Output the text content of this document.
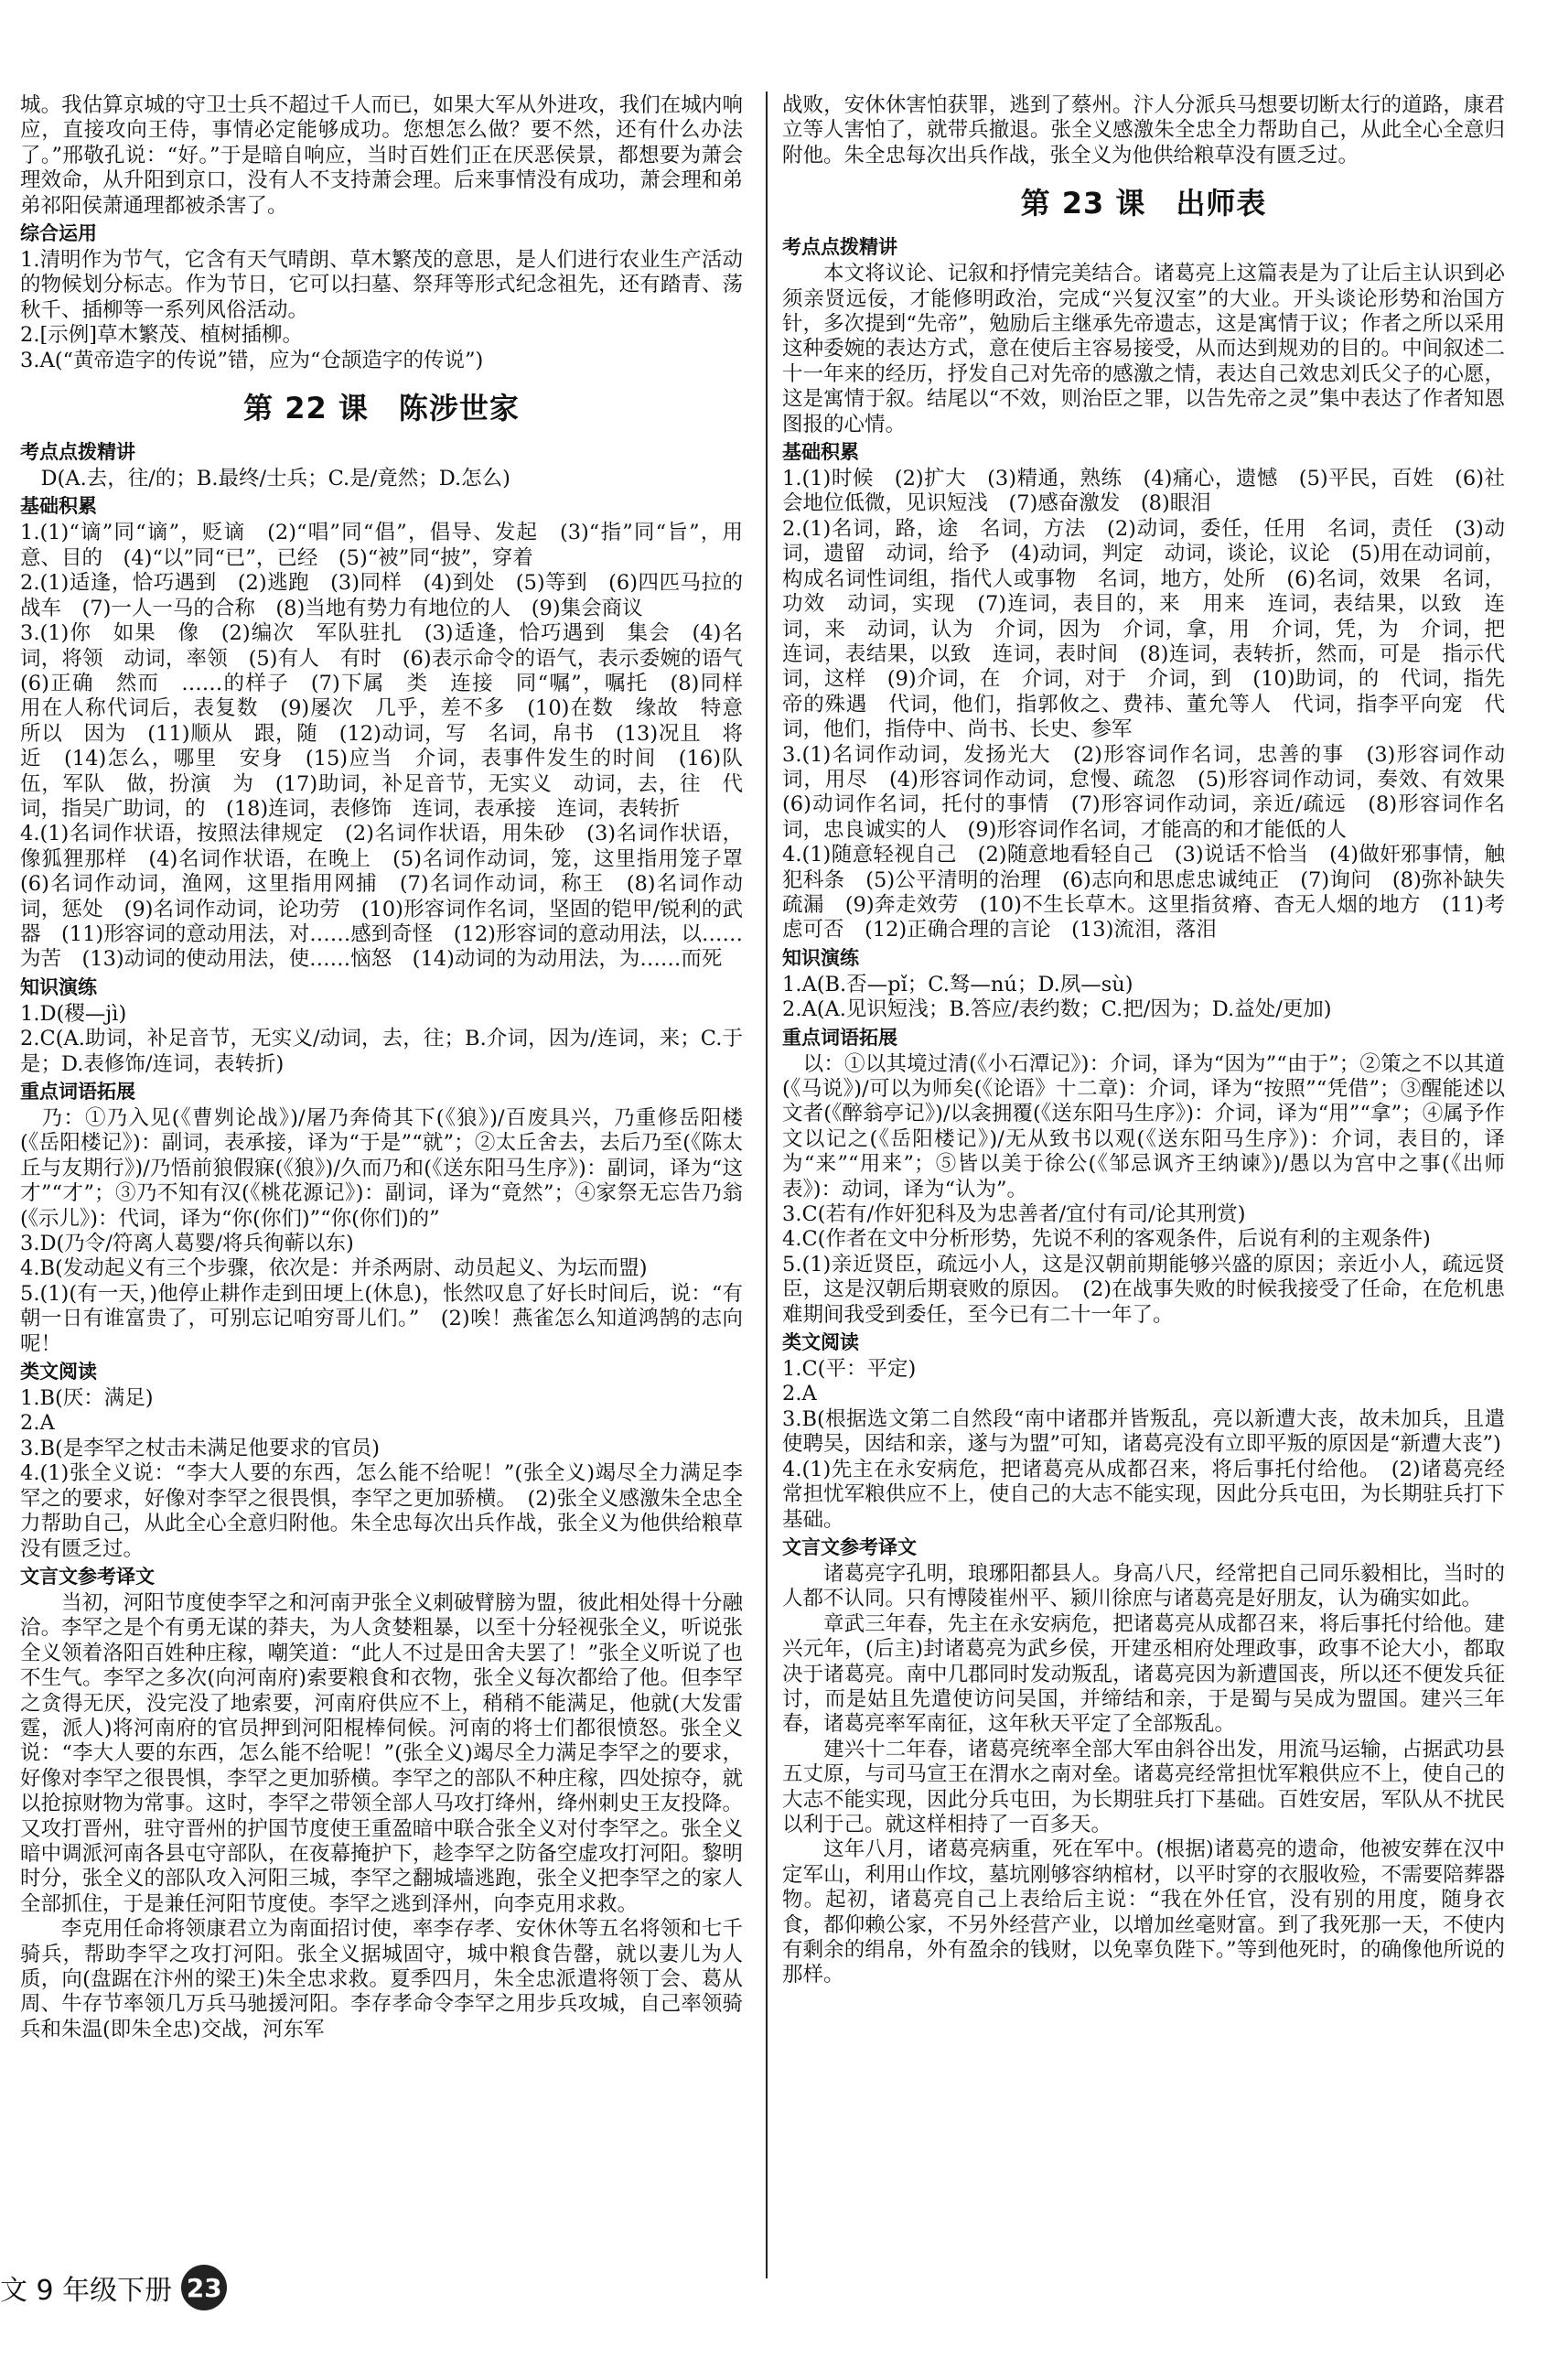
城。我估算京城的守卫士兵不超过千人而已，如果大军从外进攻，我们在城内响应，直接攻向王侍，事情必定能够成功。您想怎么做？要不然，还有什么办法了。”邢敬孔说：“好。”于是暗自响应，当时百姓们正在厌恶侯景，都想要为萧会理效命，从升阳到京口，没有人不支持萧会理。后来事情没有成功，萧会理和弟弟祁阳侯萧通理都被杀害了。

综合运用

1.清明作为节气，它含有天气晴朗、草木繁茂的意思，是人们进行农业生产活动的物候划分标志。作为节日，它可以扫墓、祭拜等形式纪念祖先，还有踏青、荡秋千、插柳等一系列风俗活动。

2.[示例]草木繁茂、植树插柳。

3.A(“黄帝造字的传说”错，应为“仓颉造字的传说”)

第 22 课　陈涉世家
考点点拨精讲

　D(A.去，往/的；B.最终/士兵；C.是/竟然；D.怎么)

基础积累

1.(1)“谪”同“谪”，贬谪　(2)“唱”同“倡”，倡导、发起　(3)“指”同“旨”，用意、目的　(4)“以”同“已”，已经　(5)“被”同“披”，穿着

2.(1)适逢，恰巧遇到　(2)逃跑　(3)同样　(4)到处　(5)等到　(6)四匹马拉的战车　(7)一人一马的合称　(8)当地有势力有地位的人　(9)集会商议

3.(1)你　如果　像　(2)编次　军队驻扎　(3)适逢，恰巧遇到　集会　(4)名词，将领　动词，率领　(5)有人　有时　(6)表示命令的语气，表示委婉的语气　(6)正确　然而　……的样子　(7)下属　类　连接　同“嘱”，嘱托　(8)同样　用在人称代词后，表复数　(9)屡次　几乎，差不多　(10)在数　缘故　特意　所以　因为　(11)顺从　跟，随　(12)动词，写　名词，帛书　(13)况且　将近　(14)怎么，哪里　安身　(15)应当　介词，表事件发生的时间　(16)队伍，军队　做，扮演　为　(17)助词，补足音节，无实义　动词，去，往　代词，指吴广助词，的　(18)连词，表修饰　连词，表承接　连词，表转折

4.(1)名词作状语，按照法律规定　(2)名词作状语，用朱砂　(3)名词作状语，像狐狸那样　(4)名词作状语，在晚上　(5)名词作动词，笼，这里指用笼子罩　(6)名词作动词，渔网，这里指用网捕　(7)名词作动词，称王　(8)名词作动词，惩处　(9)名词作动词，论功劳　(10)形容词作名词，坚固的铠甲/锐利的武器　(11)形容词的意动用法，对……感到奇怪　(12)形容词的意动用法，以……为苦　(13)动词的使动用法，使……恼怒　(14)动词的为动用法，为……而死

知识演练

1.D(稷—jì)

2.C(A.助词，补足音节，无实义/动词，去，往；B.介词，因为/连词，来；C.于是；D.表修饰/连词，表转折)

重点词语拓展

　乃：①乃入见(《曹刿论战》)/屠乃奔倚其下(《狼》)/百废具兴，乃重修岳阳楼(《岳阳楼记》)：副词，表承接，译为“于是”“就”；②太丘舍去，去后乃至(《陈太丘与友期行》)/乃悟前狼假寐(《狼》)/久而乃和(《送东阳马生序》)：副词，译为“这才”“才”；③乃不知有汉(《桃花源记》)：副词，译为“竟然”；④家祭无忘告乃翁(《示儿》)：代词，译为“你(你们)”“你(你们)的”

3.D(乃令/符离人葛婴/将兵徇蕲以东)

4.B(发动起义有三个步骤，依次是：并杀两尉、动员起义、为坛而盟)

5.(1)(有一天，)他停止耕作走到田埂上(休息)，怅然叹息了好长时间后，说：“有朝一日有谁富贵了，可别忘记咱穷哥儿们。”　(2)唉！燕雀怎么知道鸿鹄的志向呢！

类文阅读

1.B(厌：满足)

2.A

3.B(是李罕之杖击未满足他要求的官员)

4.(1)张全义说：“李大人要的东西，怎么能不给呢！”(张全义)竭尽全力满足李罕之的要求，好像对李罕之很畏惧，李罕之更加骄横。　(2)张全义感激朱全忠全力帮助自己，从此全心全意归附他。朱全忠每次出兵作战，张全义为他供给粮草没有匮乏过。

文言文参考译文

当初，河阳节度使李罕之和河南尹张全义刺破臂膀为盟，彼此相处得十分融洽。李罕之是个有勇无谋的莽夫，为人贪婪粗暴，以至十分轻视张全义，听说张全义领着洛阳百姓种庄稼，嘲笑道：“此人不过是田舍夫罢了！”张全义听说了也不生气。李罕之多次(向河南府)索要粮食和衣物，张全义每次都给了他。但李罕之贪得无厌，没完没了地索要，河南府供应不上，稍稍不能满足，他就(大发雷霆，派人)将河南府的官员押到河阳棍棒伺候。河南的将士们都很愤怒。张全义说：“李大人要的东西，怎么能不给呢！”(张全义)竭尽全力满足李罕之的要求，好像对李罕之很畏惧，李罕之更加骄横。李罕之的部队不种庄稼，四处掠夺，就以抢掠财物为常事。这时，李罕之带领全部人马攻打绛州，绛州刺史王友投降。又攻打晋州，驻守晋州的护国节度使王重盈暗中联合张全义对付李罕之。张全义暗中调派河南各县屯守部队，在夜幕掩护下，趁李罕之防备空虚攻打河阳。黎明时分，张全义的部队攻入河阳三城，李罕之翻城墙逃跑，张全义把李罕之的家人全部抓住，于是兼任河阳节度使。李罕之逃到泽州，向李克用求救。

李克用任命将领康君立为南面招讨使，率李存孝、安休休等五名将领和七千骑兵，帮助李罕之攻打河阳。张全义据城固守，城中粮食告罄，就以妻儿为人质，向(盘踞在汴州的梁王)朱全忠求救。夏季四月，朱全忠派遣将领丁会、葛从周、牛存节率领几万兵马驰援河阳。李存孝命令李罕之用步兵攻城，自己率领骑兵和朱温(即朱全忠)交战，河东军

战败，安休休害怕获罪，逃到了蔡州。汴人分派兵马想要切断太行的道路，康君立等人害怕了，就带兵撤退。张全义感激朱全忠全力帮助自己，从此全心全意归附他。朱全忠每次出兵作战，张全义为他供给粮草没有匮乏过。

第 23 课　出师表
考点点拨精讲

本文将议论、记叙和抒情完美结合。诸葛亮上这篇表是为了让后主认识到必须亲贤远佞，才能修明政治，完成“兴复汉室”的大业。开头谈论形势和治国方针，多次提到“先帝”，勉励后主继承先帝遗志，这是寓情于议；作者之所以采用这种委婉的表达方式，意在使后主容易接受，从而达到规劝的目的。中间叙述二十一年来的经历，抒发自己对先帝的感激之情，表达自己效忠刘氏父子的心愿，这是寓情于叙。结尾以“不效，则治臣之罪，以告先帝之灵”集中表达了作者知恩图报的心情。

基础积累

1.(1)时候　(2)扩大　(3)精通，熟练　(4)痛心，遗憾　(5)平民，百姓　(6)社会地位低微，见识短浅　(7)感奋激发　(8)眼泪

2.(1)名词，路，途　名词，方法　(2)动词，委任，任用　名词，责任　(3)动词，遗留　动词，给予　(4)动词，判定　动词，谈论，议论　(5)用在动词前，构成名词性词组，指代人或事物　名词，地方，处所　(6)名词，效果　名词，功效　动词，实现　(7)连词，表目的，来　用来　连词，表结果，以致　连词，来　动词，认为　介词，因为　介词，拿，用　介词，凭，为　介词，把　连词，表结果，以致　连词，表时间　(8)连词，表转折，然而，可是　指示代词，这样　(9)介词，在　介词，对于　介词，到　(10)助词，的　代词，指先帝的殊遇　代词，他们，指郭攸之、费祎、董允等人　代词，指李平向宠　代词，他们，指侍中、尚书、长史、参军

3.(1)名词作动词，发扬光大　(2)形容词作名词，忠善的事　(3)形容词作动词，用尽　(4)形容词作动词，怠慢、疏忽　(5)形容词作动词，奏效、有效果　(6)动词作名词，托付的事情　(7)形容词作动词，亲近/疏远　(8)形容词作名词，忠良诚实的人　(9)形容词作名词，才能高的和才能低的人

4.(1)随意轻视自己　(2)随意地看轻自己　(3)说话不恰当　(4)做奸邪事情，触犯科条　(5)公平清明的治理　(6)志向和思虑忠诚纯正　(7)询问　(8)弥补缺失疏漏　(9)奔走效劳　(10)不生长草木。这里指贫瘠、杳无人烟的地方　(11)考虑可否　(12)正确合理的言论　(13)流泪，落泪

知识演练

1.A(B.否—pǐ；C.驽—nú；D.夙—sù)

2.A(A.见识短浅；B.答应/表约数；C.把/因为；D.益处/更加)

重点词语拓展

　以：①以其境过清(《小石潭记》)：介词，译为“因为”“由于”；②策之不以其道(《马说》)/可以为师矣(《论语》十二章)：介词，译为“按照”“凭借”；③醒能述以文者(《醉翁亭记》)/以衾拥覆(《送东阳马生序》)：介词，译为“用”“拿”；④属予作文以记之(《岳阳楼记》)/无从致书以观(《送东阳马生序》)：介词，表目的，译为“来”“用来”；⑤皆以美于徐公(《邹忌讽齐王纳谏》)/愚以为宫中之事(《出师表》)：动词，译为“认为”。

3.C(若有/作奸犯科及为忠善者/宜付有司/论其刑赏)

4.C(作者在文中分析形势，先说不利的客观条件，后说有利的主观条件)

5.(1)亲近贤臣，疏远小人，这是汉朝前期能够兴盛的原因；亲近小人，疏远贤臣，这是汉朝后期衰败的原因。　(2)在战事失败的时候我接受了任命，在危机患难期间我受到委任，至今已有二十一年了。

类文阅读

1.C(平：平定)

2.A

3.B(根据选文第二自然段“南中诸郡并皆叛乱，亮以新遭大丧，故未加兵，且遣使聘吴，因结和亲，遂与为盟”可知，诸葛亮没有立即平叛的原因是“新遭大丧”)

4.(1)先主在永安病危，把诸葛亮从成都召来，将后事托付给他。　(2)诸葛亮经常担忧军粮供应不上，使自己的大志不能实现，因此分兵屯田，为长期驻兵打下基础。

文言文参考译文

诸葛亮字孔明，琅琊阳都县人。身高八尺，经常把自己同乐毅相比，当时的人都不认同。只有博陵崔州平、颍川徐庶与诸葛亮是好朋友，认为确实如此。

章武三年春，先主在永安病危，把诸葛亮从成都召来，将后事托付给他。建兴元年，(后主)封诸葛亮为武乡侯，开建丞相府处理政事，政事不论大小，都取决于诸葛亮。南中几郡同时发动叛乱，诸葛亮因为新遭国丧，所以还不便发兵征讨，而是姑且先遣使访问吴国，并缔结和亲，于是蜀与吴成为盟国。建兴三年春，诸葛亮率军南征，这年秋天平定了全部叛乱。

建兴十二年春，诸葛亮统率全部大军由斜谷出发，用流马运输，占据武功县五丈原，与司马宣王在渭水之南对垒。诸葛亮经常担忧军粮供应不上，使自己的大志不能实现，因此分兵屯田，为长期驻兵打下基础。百姓安居，军队从不扰民以利于己。就这样相持了一百多天。

这年八月，诸葛亮病重，死在军中。(根据)诸葛亮的遗命，他被安葬在汉中定军山，利用山作坟，墓坑刚够容纳棺材，以平时穿的衣服收殓，不需要陪葬器物。起初，诸葛亮自己上表给后主说：“我在外任官，没有别的用度，随身衣食，都仰赖公家，不另外经营产业，以增加丝毫财富。到了我死那一天，不使内有剩余的绢帛，外有盈余的钱财，以免辜负陛下。”等到他死时，的确像他所说的那样。

文 9 年级下册 23
